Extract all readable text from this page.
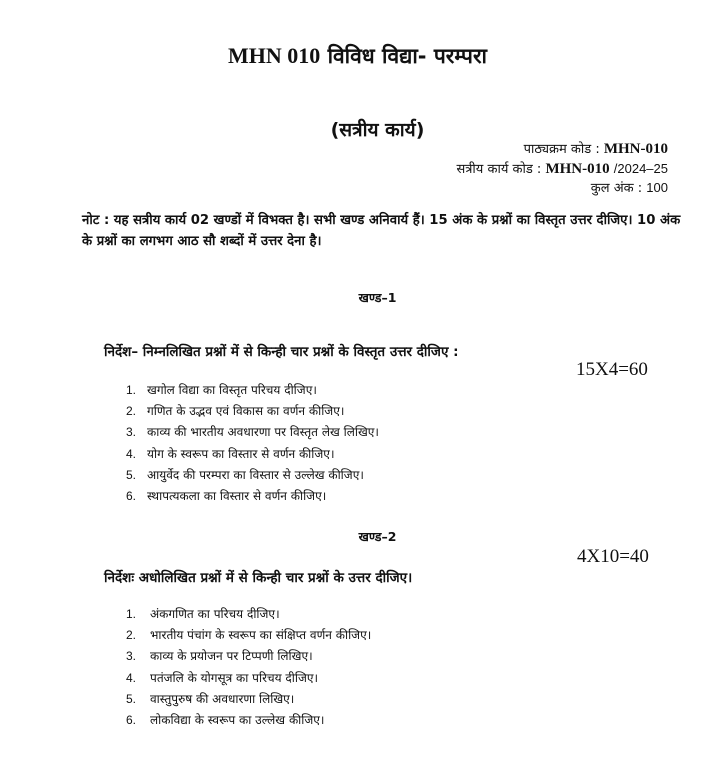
MHN 010 विविध विद्या- परम्परा
(सत्रीय कार्य)
पाठ्यक्रम कोड : MHN-010
सत्रीय कार्य कोड : MHN-010 /2024–25
कुल अंक : 100
नोट : यह सत्रीय कार्य 02 खण्डों में विभक्त है। सभी खण्ड अनिवार्य हैं। 15 अंक के प्रश्नों का विस्तृत उत्तर दीजिए। 10 अंक के प्रश्नों का लगभग आठ सौ शब्दों में उत्तर देना है।
खण्ड–1
निर्देश– निम्नलिखित प्रश्नों में से किन्ही चार प्रश्नों के विस्तृत उत्तर दीजिए :
15X4=60
1. खगोल विद्या का विस्तृत परिचय दीजिए।
2. गणित के उद्भव एवं विकास का वर्णन कीजिए।
3. काव्य की भारतीय अवधारणा पर विस्तृत लेख लिखिए।
4. योग के स्वरूप का विस्तार से वर्णन कीजिए।
5. आयुर्वेद की परम्परा का विस्तार से उल्लेख कीजिए।
6. स्थापत्यकला का विस्तार से वर्णन कीजिए।
खण्ड–2
4X10=40
निर्देशः अधोलिखित प्रश्नों में से किन्ही चार प्रश्नों के उत्तर दीजिए।
1. अंकगणित का परिचय दीजिए।
2. भारतीय पंचांग के स्वरूप का संक्षिप्त वर्णन कीजिए।
3. काव्य के प्रयोजन पर टिप्पणी लिखिए।
4. पतंजलि के योगसूत्र का परिचय दीजिए।
5. वास्तुपुरुष की अवधारणा लिखिए।
6. लोकविद्या के स्वरूप का उल्लेख कीजिए।
